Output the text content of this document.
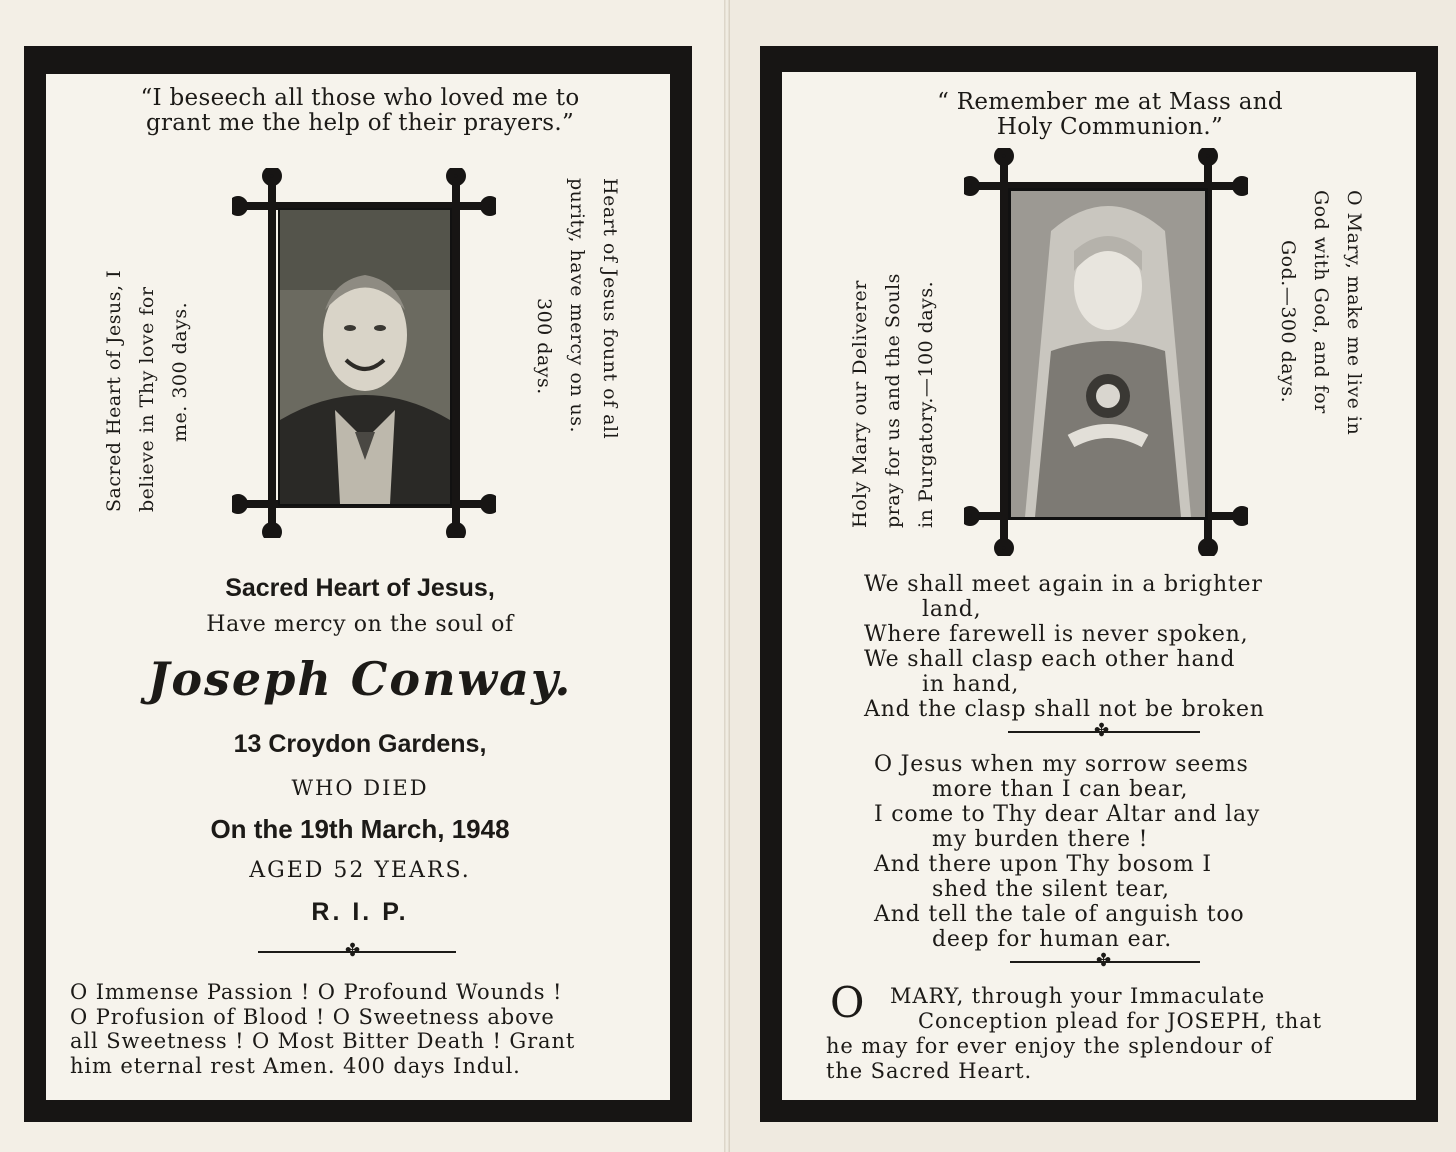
“I beseech all those who loved me to
grant me the help of their prayers.”
Sacred Heart of Jesus, I believe in Thy love for me. 300 days.	Heart of Jesus fount of all
purity, have mercy on us.
300 days.
Sacred Heart of Jesus,
Have mercy on the soul of
Joseph Conway.
13 Croydon Gardens,
WHO DIED
On the 19th March, 1948
AGED 52 YEARS.
R. I. P.
✤
O Immense Passion ! O Profound Wounds !
O Profusion of Blood ! O Sweetness above
all Sweetness ! O Most Bitter Death ! Grant
him eternal rest Amen. 400 days Indul.
“ Remember me at Mass and
Holy Communion.”
Holy Mary our Deliverer pray for us and the Souls in Purgatory.—100 days.	O Mary, make me live in
God with God, and for
God.—300 days.
We shall meet again in a brighter
land,
Where farewell is never spoken,
We shall clasp each other hand
in hand,
And the clasp shall not be broken
✤
O Jesus when my sorrow seems
more than I can bear,
I come to Thy dear Altar and lay
my burden there !
And there upon Thy bosom I
shed the silent tear,
And tell the tale of anguish too
deep for human ear.
✤
O	MARY, through your Immaculate
Conception plead for JOSEPH, that
he may for ever enjoy the splendour of
the Sacred Heart.
